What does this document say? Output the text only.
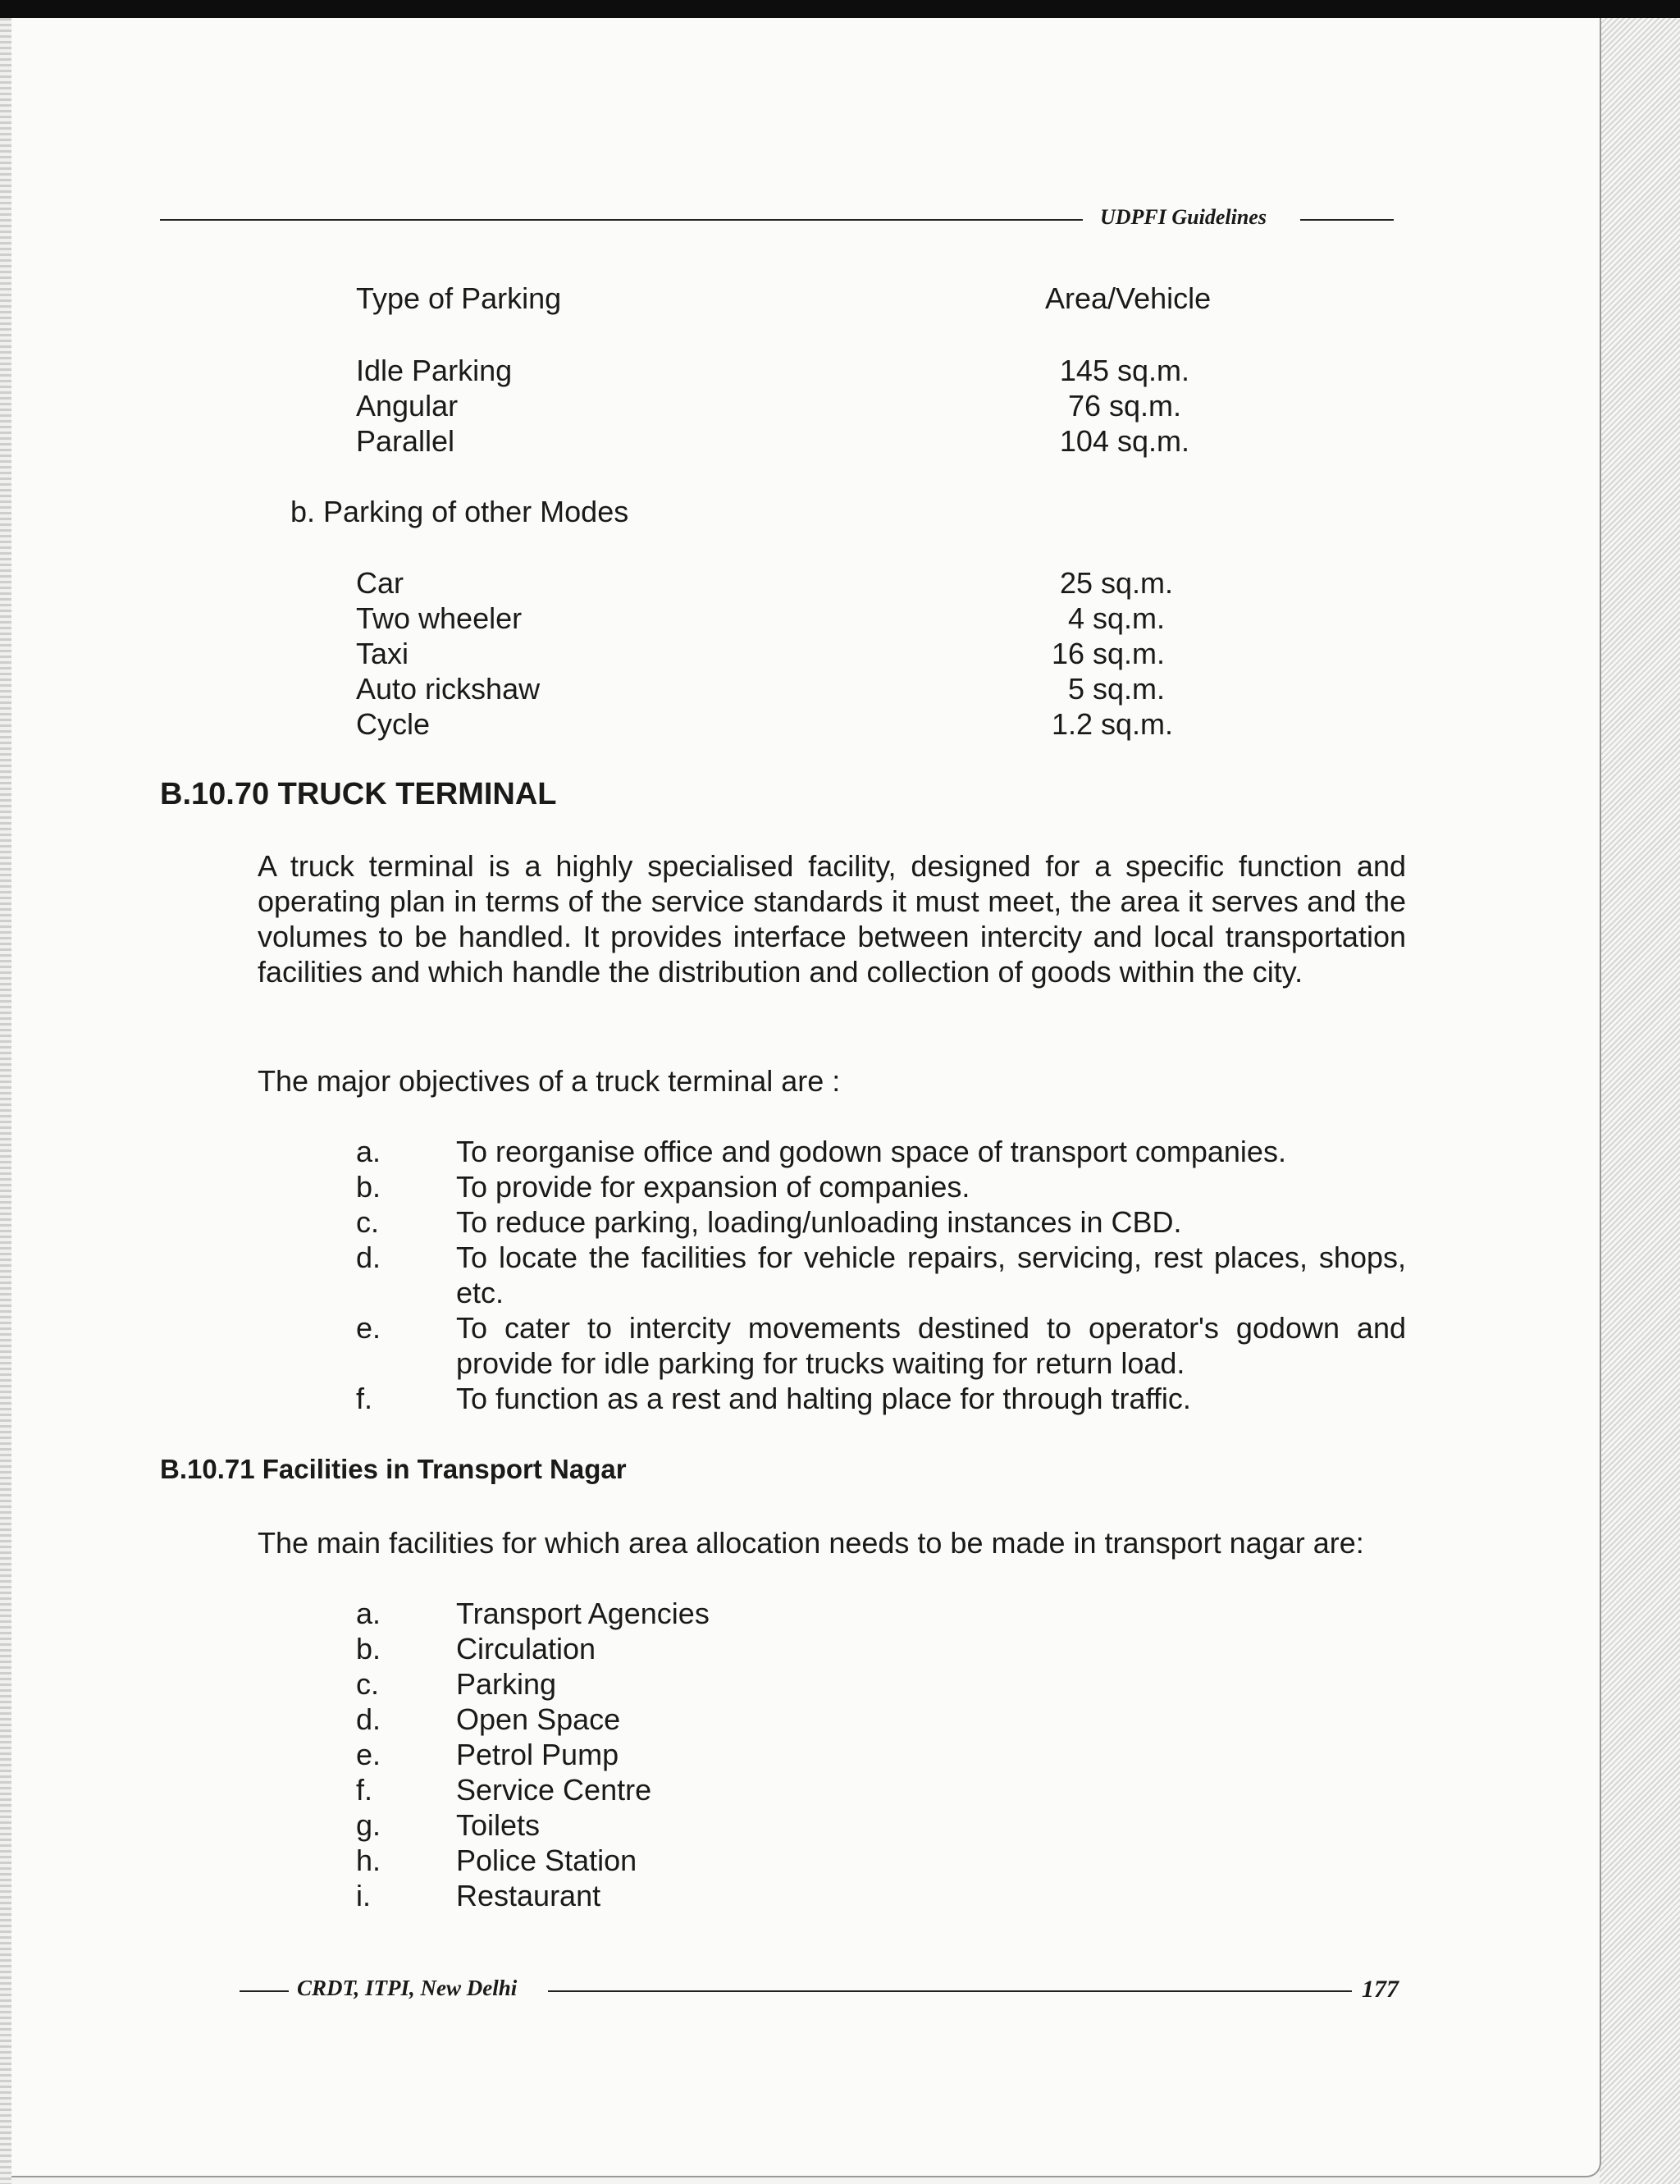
UDPFI Guidelines
Type of Parking	Area/Vehicle
Idle Parking	145 sq.m.
Angular	76 sq.m.
Parallel	104 sq.m.
b. Parking of other Modes
Car	25 sq.m.
Two wheeler	4 sq.m.
Taxi	16 sq.m.
Auto rickshaw	5 sq.m.
Cycle	1.2 sq.m.
B.10.70 TRUCK TERMINAL
A truck terminal is a highly specialised facility, designed for a specific function and operating plan in terms of the service standards it must meet, the area it serves and the volumes to be handled. It provides interface between intercity and local transportation facilities and which handle the distribution and collection of goods within the city.
The major objectives of a truck terminal are :
a.	To reorganise office and godown space of transport companies.
b.	To provide for expansion of companies.
c.	To reduce parking, loading/unloading instances in CBD.
d.	To locate the facilities for vehicle repairs, servicing, rest places, shops, etc.
e.	To cater to intercity movements destined to operator's godown and provide for idle parking for trucks waiting for return load.
f.	To function as a rest and halting place for through traffic.
B.10.71 Facilities in Transport Nagar
The main facilities for which area allocation needs to be made in transport nagar are:
a.	Transport Agencies
b.	Circulation
c.	Parking
d.	Open Space
e.	Petrol Pump
f.	Service Centre
g.	Toilets
h.	Police Station
i.	Restaurant
CRDT, ITPI, New Delhi	177
